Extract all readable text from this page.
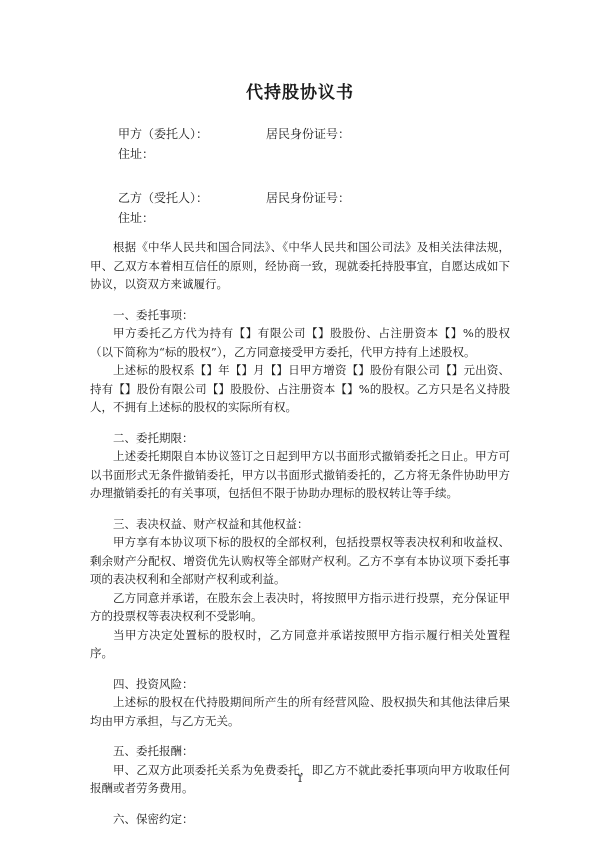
代持股协议书
甲方（委托人）：	居民身份证号：
住址：
乙方（受托人）：	居民身份证号：
住址：

根据《中华人民共和国合同法》、《中华人民共和国公司法》及相关法律法规，甲、乙双方本着相互信任的原则，经协商一致，现就委托持股事宜，自愿达成如下协议，以资双方来诚履行。

一、委托事项：

甲方委托乙方代为持有【】有限公司【】股股份、占注册资本【】%的股权（以下简称为“标的股权”），乙方同意接受甲方委托，代甲方持有上述股权。

上述标的股权系【】年【】月【】日甲方增资【】股份有限公司【】元出资、持有【】股份有限公司【】股股份、占注册资本【】%的股权。乙方只是名义持股人，不拥有上述标的股权的实际所有权。

二、委托期限：

上述委托期限自本协议签订之日起到甲方以书面形式撤销委托之日止。甲方可以书面形式无条件撤销委托，甲方以书面形式撤销委托的，乙方将无条件协助甲方办理撤销委托的有关事项，包括但不限于协助办理标的股权转让等手续。

三、表决权益、财产权益和其他权益：

甲方享有本协议项下标的股权的全部权利，包括投票权等表决权利和收益权、剩余财产分配权、增资优先认购权等全部财产权利。乙方不享有本协议项下委托事项的表决权利和全部财产权利或利益。

乙方同意并承诺，在股东会上表决时，将按照甲方指示进行投票，充分保证甲方的投票权等表决权利不受影响。

当甲方决定处置标的股权时，乙方同意并承诺按照甲方指示履行相关处置程序。

四、投资风险：

上述标的股权在代持股期间所产生的所有经营风险、股权损失和其他法律后果均由甲方承担，与乙方无关。

五、委托报酬：

甲、乙双方此项委托关系为免费委托，即乙方不就此委托事项向甲方收取任何报酬或者劳务费用。

六、保密约定：

1
